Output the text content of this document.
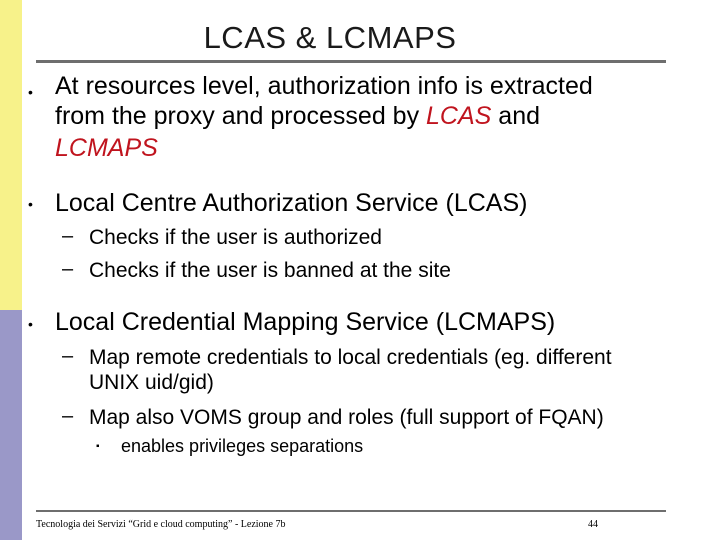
LCAS & LCMAPS
• At resources level, authorization info is extracted
from the proxy and processed by LCAS and
LCMAPS
• Local Centre Authorization Service (LCAS)
– Checks if the user is authorized
– Checks if the user is banned at the site
• Local Credential Mapping Service (LCMAPS)
– Map remote credentials to local credentials (eg. different
UNIX uid/gid)
– Map also VOMS group and roles (full support of FQAN)
▪ enables privileges separations
Tecnologia dei Servizi “Grid e cloud computing” - Lezione 7b	44
